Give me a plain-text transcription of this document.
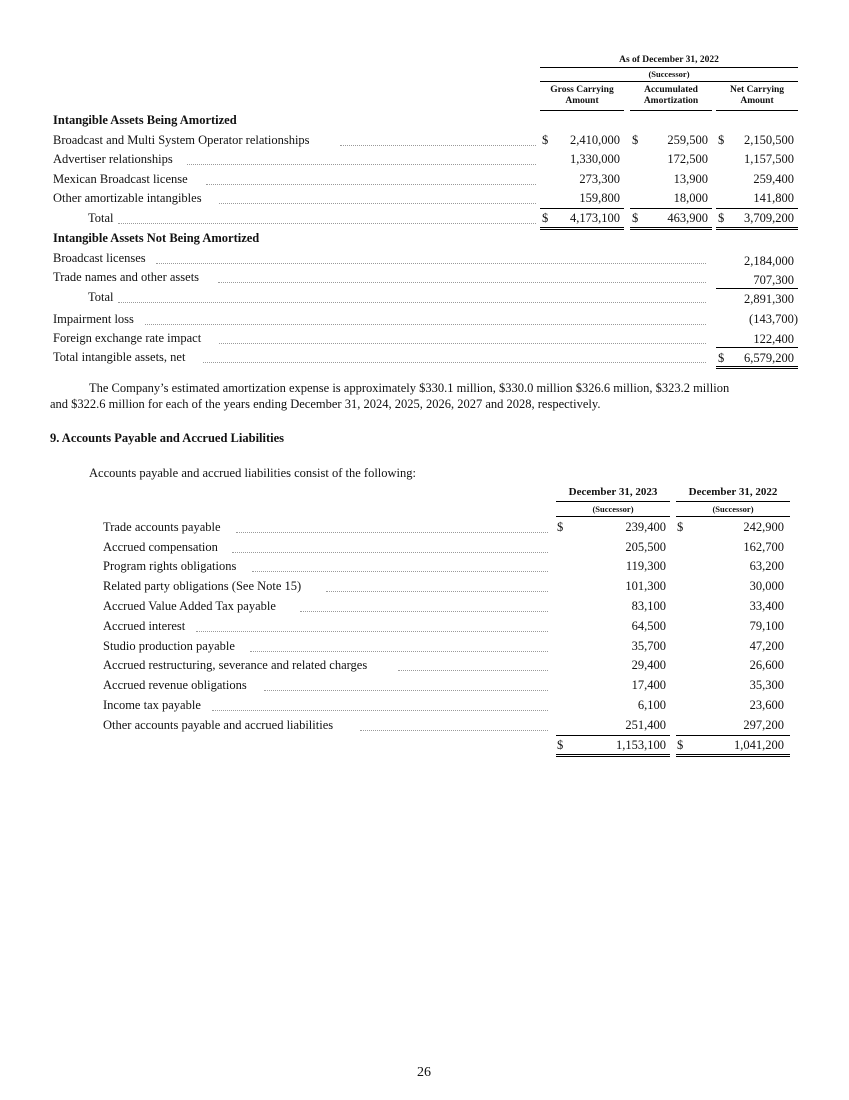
As of December 31, 2022
(Successor)
Gross Carrying
Amount
Accumulated
Amortization
Net Carrying
Amount
Intangible Assets Being Amortized
Broadcast and Multi System Operator relationships	$	2,410,000 $	259,500 $	2,150,500
Advertiser relationships	1,330,000	172,500	1,157,500
Mexican Broadcast license	273,300	13,900	259,400
Other amortizable intangibles	159,800	18,000	141,800
Total	$	4,173,100 $	463,900 $	3,709,200
Intangible Assets Not Being Amortized
Broadcast licenses	2,184,000
Trade names and other assets	707,300
Total	2,891,300
Impairment loss	(143,700)
Foreign exchange rate impact	122,400
Total intangible assets, net	$	6,579,200
The Company’s estimated amortization expense is approximately $330.1 million, $330.0 million $326.6 million, $323.2 million
and $322.6 million for each of the years ending December 31, 2024, 2025, 2026, 2027 and 2028, respectively.
9. Accounts Payable and Accrued Liabilities
Accounts payable and accrued liabilities consist of the following:
December 31, 2023	December 31, 2022
(Successor)	(Successor)
Trade accounts payable	$	239,400 $	242,900
Accrued compensation	205,500	162,700
Program rights obligations	119,300	63,200
Related party obligations (See Note 15)	101,300	30,000
Accrued Value Added Tax payable	83,100	33,400
Accrued interest	64,500	79,100
Studio production payable	35,700	47,200
Accrued restructuring, severance and related charges	29,400	26,600
Accrued revenue obligations	17,400	35,300
Income tax payable	6,100	23,600
Other accounts payable and accrued liabilities	251,400	297,200
$	1,153,100 $	1,041,200
26
